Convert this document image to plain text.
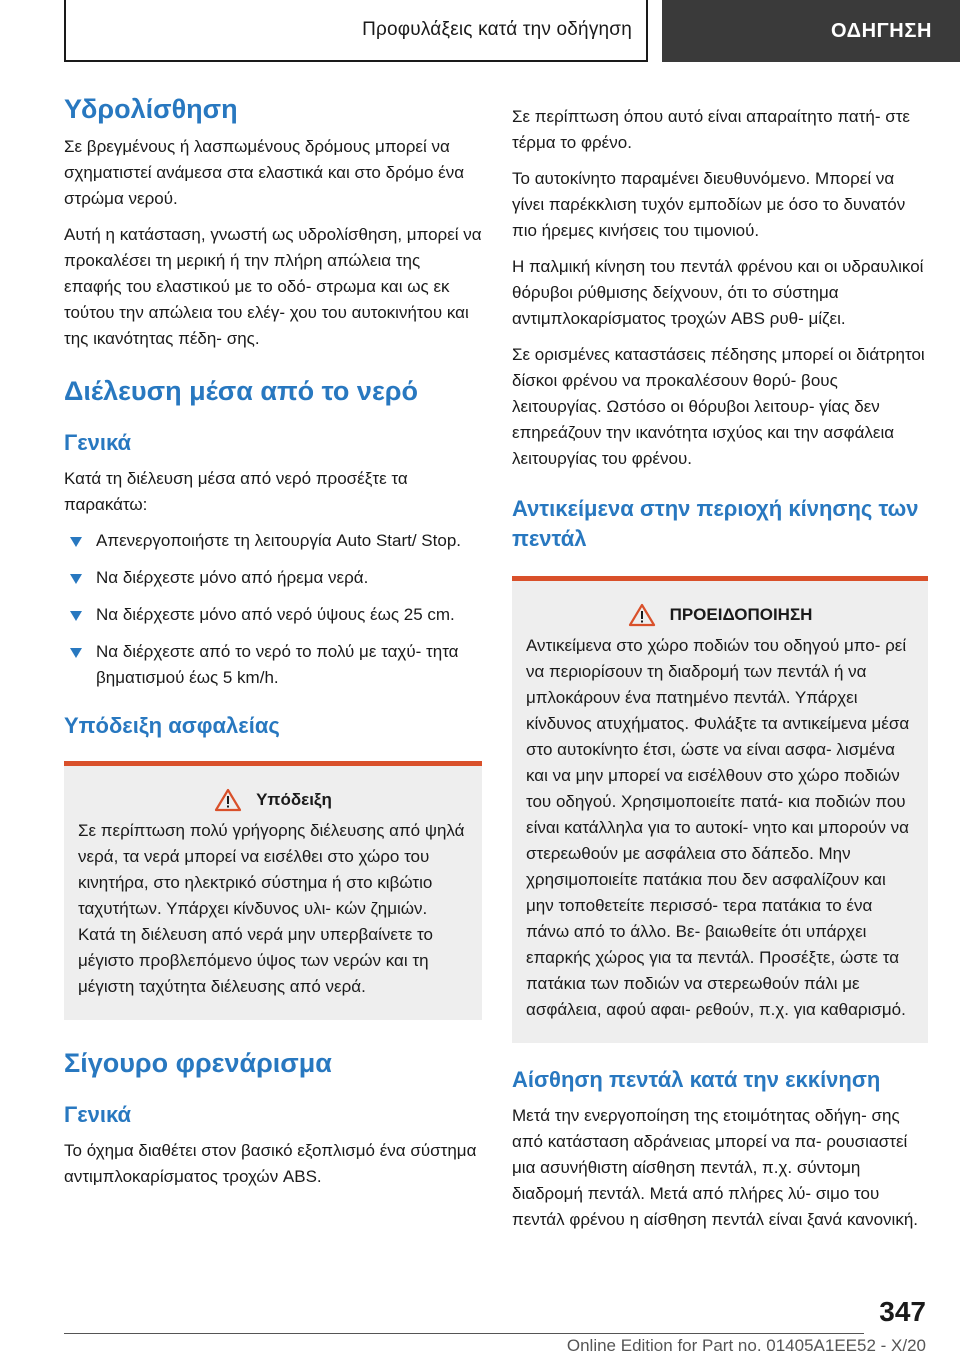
Προφυλάξεις κατά την οδήγηση	ΟΔΗΓΗΣΗ
Υδρολίσθηση
Σε βρεγμένους ή λασπωμένους δρόμους μπορεί να σχηματιστεί ανάμεσα στα ελαστικά και στο δρόμο ένα στρώμα νερού.
Αυτή η κατάσταση, γνωστή ως υδρολίσθηση, μπορεί να προκαλέσει τη μερική ή την πλήρη απώλεια της επαφής του ελαστικού με το οδό- στρωμα και ως εκ τούτου την απώλεια του ελέγ- χου του αυτοκινήτου και της ικανότητας πέδη- σης.
Διέλευση μέσα από το νερό
Γενικά
Κατά τη διέλευση μέσα από νερό προσέξτε τα παρακάτω:
Απενεργοποιήστε τη λειτουργία Auto Start/ Stop.
Να διέρχεστε μόνο από ήρεμα νερά.
Να διέρχεστε μόνο από νερό ύψους έως 25 cm.
Να διέρχεστε από το νερό το πολύ με ταχύ- τητα βηματισμού έως 5 km/h.
Υπόδειξη ασφαλείας
Υπόδειξη
Σε περίπτωση πολύ γρήγορης διέλευσης από ψηλά νερά, τα νερά μπορεί να εισέλθει στο χώρο του κινητήρα, στο ηλεκτρικό σύστημα ή στο κιβώτιο ταχυτήτων. Υπάρχει κίνδυνος υλι- κών ζημιών. Κατά τη διέλευση από νερά μην υπερβαίνετε το μέγιστο προβλεπόμενο ύψος των νερών και τη μέγιστη ταχύτητα διέλευσης από νερά.
Σίγουρο φρενάρισμα
Γενικά
Το όχημα διαθέτει στον βασικό εξοπλισμό ένα σύστημα αντιμπλοκαρίσματος τροχών ABS.
Σε περίπτωση όπου αυτό είναι απαραίτητο πατή- στε τέρμα το φρένο.
Το αυτοκίνητο παραμένει διευθυνόμενο. Μπορεί να γίνει παρέκκλιση τυχόν εμποδίων με όσο το δυνατόν πιο ήρεμες κινήσεις του τιμονιού.
Η παλμική κίνηση του πεντάλ φρένου και οι υδραυλικοί θόρυβοι ρύθμισης δείχνουν, ότι το σύστημα αντιμπλοκαρίσματος τροχών ABS ρυθ- μίζει.
Σε ορισμένες καταστάσεις πέδησης μπορεί οι διάτρητοι δίσκοι φρένου να προκαλέσουν θορύ- βους λειτουργίας. Ωστόσο οι θόρυβοι λειτουρ- γίας δεν επηρεάζουν την ικανότητα ισχύος και την ασφάλεια λειτουργίας του φρένου.
Αντικείμενα στην περιοχή κίνησης των πεντάλ
ΠΡΟΕΙΔΟΠΟΙΗΣΗ
Αντικείμενα στο χώρο ποδιών του οδηγού μπο- ρεί να περιορίσουν τη διαδρομή των πεντάλ ή να μπλοκάρουν ένα πατημένο πεντάλ. Υπάρχει κίνδυνος ατυχήματος. Φυλάξτε τα αντικείμενα μέσα στο αυτοκίνητο έτσι, ώστε να είναι ασφα- λισμένα και να μην μπορεί να εισέλθουν στο χώρο ποδιών του οδηγού. Χρησιμοποιείτε πατά- κια ποδιών που είναι κατάλληλα για το αυτοκί- νητο και μπορούν να στερεωθούν με ασφάλεια στο δάπεδο. Μην χρησιμοποιείτε πατάκια που δεν ασφαλίζουν και μην τοποθετείτε περισσό- τερα πατάκια το ένα πάνω από το άλλο. Βε- βαιωθείτε ότι υπάρχει επαρκής χώρος για τα πεντάλ. Προσέξτε, ώστε τα πατάκια των ποδιών να στερεωθούν πάλι με ασφάλεια, αφού αφαι- ρεθούν, π.χ. για καθαρισμό.
Αίσθηση πεντάλ κατά την εκκίνηση
Μετά την ενεργοποίηση της ετοιμότητας οδήγη- σης από κατάσταση αδράνειας μπορεί να πα- ρουσιαστεί μια ασυνήθιστη αίσθηση πεντάλ, π.χ. σύντομη διαδρομή πεντάλ. Μετά από πλήρες λύ- σιμο του πεντάλ φρένου η αίσθηση πεντάλ είναι ξανά κανονική.
347
Online Edition for Part no. 01405A1EE52 - X/20
